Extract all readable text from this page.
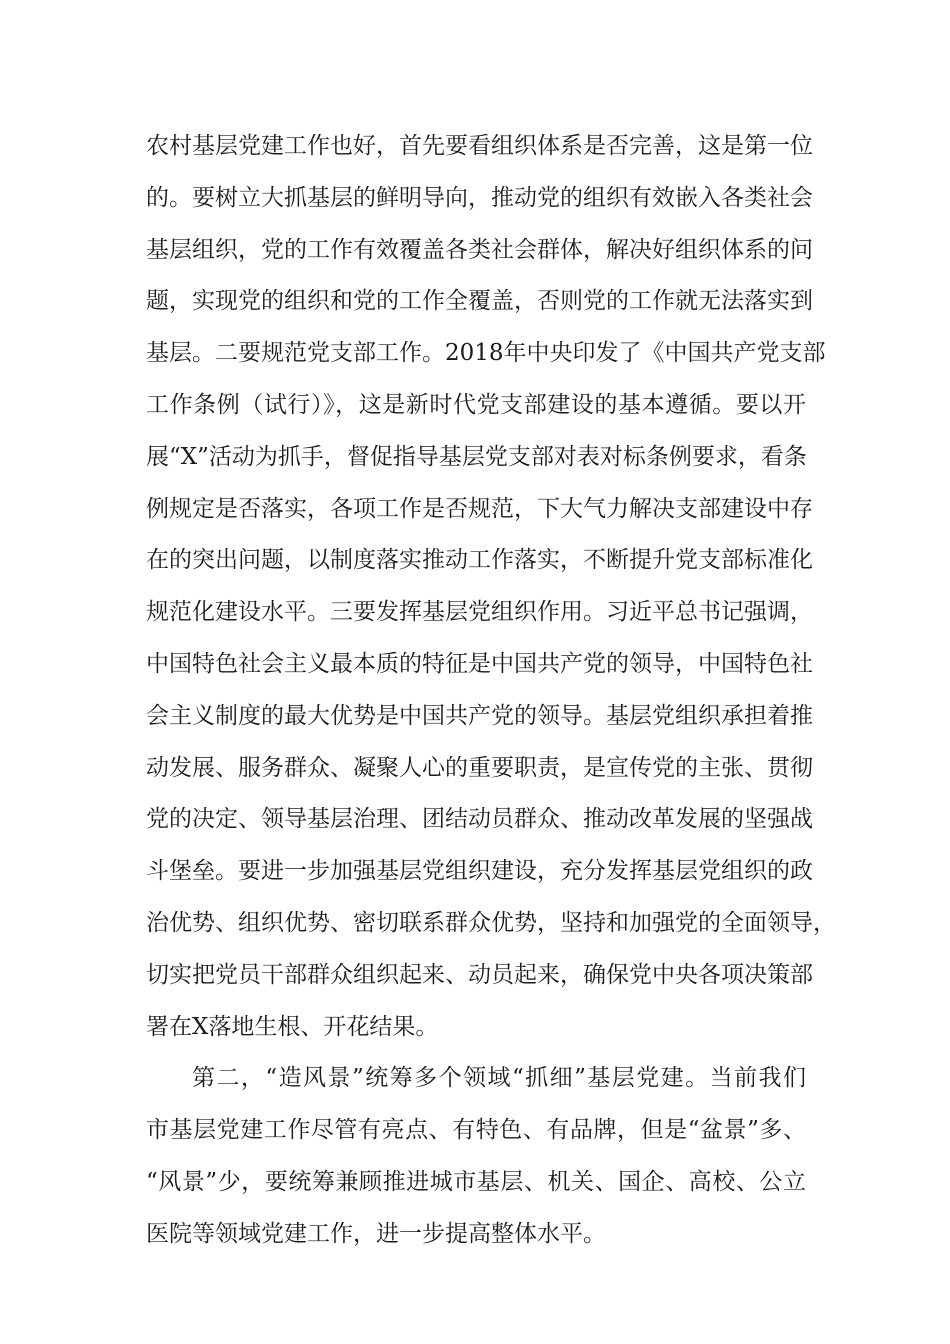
农村基层党建工作也好，首先要看组织体系是否完善，这是第一位
的。要树立大抓基层的鲜明导向，推动党的组织有效嵌入各类社会
基层组织，党的工作有效覆盖各类社会群体，解决好组织体系的问
题，实现党的组织和党的工作全覆盖，否则党的工作就无法落实到
基层。二要规范党支部工作。2018年中央印发了《中国共产党支部
工作条例（试行）》，这是新时代党支部建设的基本遵循。要以开
展“X”活动为抓手，督促指导基层党支部对表对标条例要求，看条
例规定是否落实，各项工作是否规范，下大气力解决支部建设中存
在的突出问题，以制度落实推动工作落实，不断提升党支部标准化
规范化建设水平。三要发挥基层党组织作用。习近平总书记强调，
中国特色社会主义最本质的特征是中国共产党的领导，中国特色社
会主义制度的最大优势是中国共产党的领导。基层党组织承担着推
动发展、服务群众、凝聚人心的重要职责，是宣传党的主张、贯彻
党的决定、领导基层治理、团结动员群众、推动改革发展的坚强战
斗堡垒。要进一步加强基层党组织建设，充分发挥基层党组织的政
治优势、组织优势、密切联系群众优势，坚持和加强党的全面领导，
切实把党员干部群众组织起来、动员起来，确保党中央各项决策部
署在X落地生根、开花结果。
第二，“造风景”统筹多个领域“抓细”基层党建。当前我们
市基层党建工作尽管有亮点、有特色、有品牌，但是“盆景”多、
“风景”少，要统筹兼顾推进城市基层、机关、国企、高校、公立
医院等领域党建工作，进一步提高整体水平。
